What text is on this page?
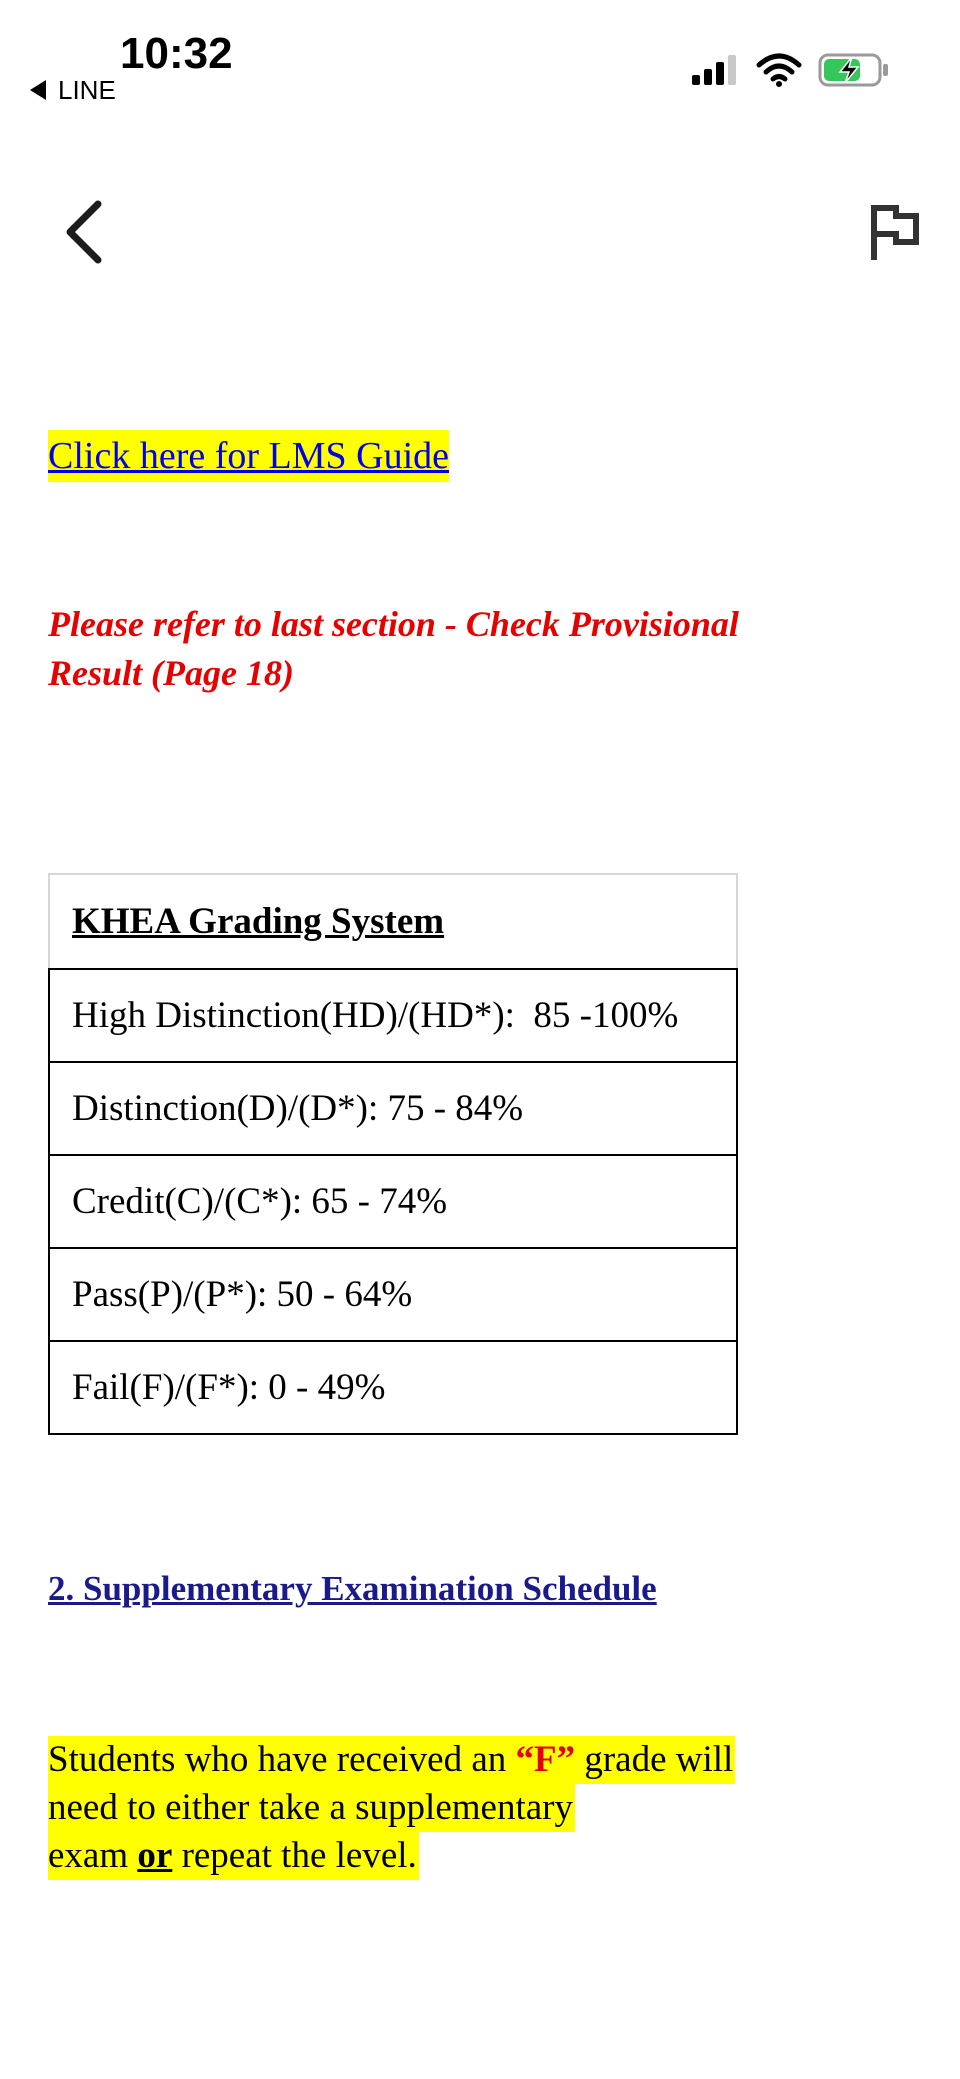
10:32
LINE
Click here for LMS Guide
Please refer to last section - Check Provisional
Result (Page 18)
KHEA Grading System
High Distinction(HD)/(HD*):  85 -100%
Distinction(D)/(D*): 75 - 84%
Credit(C)/(C*): 65 - 74%
Pass(P)/(P*): 50 - 64%
Fail(F)/(F*): 0 - 49%
2. Supplementary Examination Schedule
Students who have received an “F” grade will
need to either take a supplementary
exam or repeat the level.
